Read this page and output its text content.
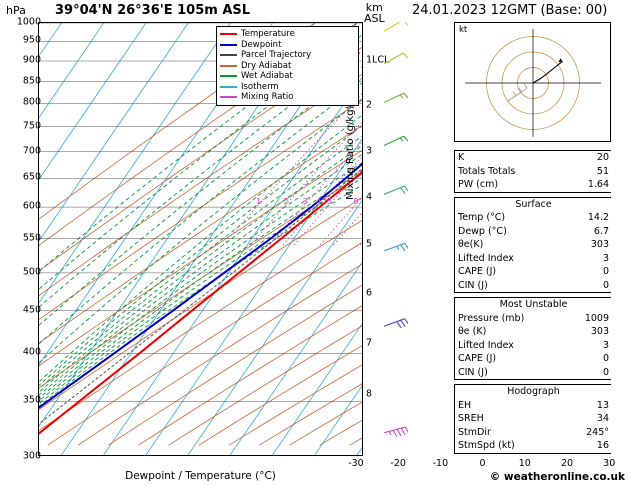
hPa 39°04'N 26°36'E 105m ASL	km
ASL
1	2 3 4 5	8
300
350
400
450
500
550
600
650
700
750
800
850
900
950
1000
-30	-20	-10	0	10	20	30
8
7
6
5
4
3
2
1LCL
Dewpoint / Temperature (°C)
Mixing Ratio (g/kg)
Temperature
Dewpoint
Parcel Trajectory
Dry Adiabat
Wet Adiabat
Isotherm
Mixing Ratio
24.01.2023 12GMT (Base: 00)
kt
K	20
Totals Totals	51
PW (cm)	1.64
Surface	
Temp (°C)	14.2
Dewp (°C)	6.7
θe(K)	303
Lifted Index	3
CAPE (J)	0
CIN (J)	0
Most Unstable	
Pressure (mb)	1009
θe (K)	303
Lifted Index	3
CAPE (J)	0
CIN (J)	0
Hodograph	
EH	13
SREH	34
StmDir	245°
StmSpd (kt)	16
© weatheronline.co.uk
